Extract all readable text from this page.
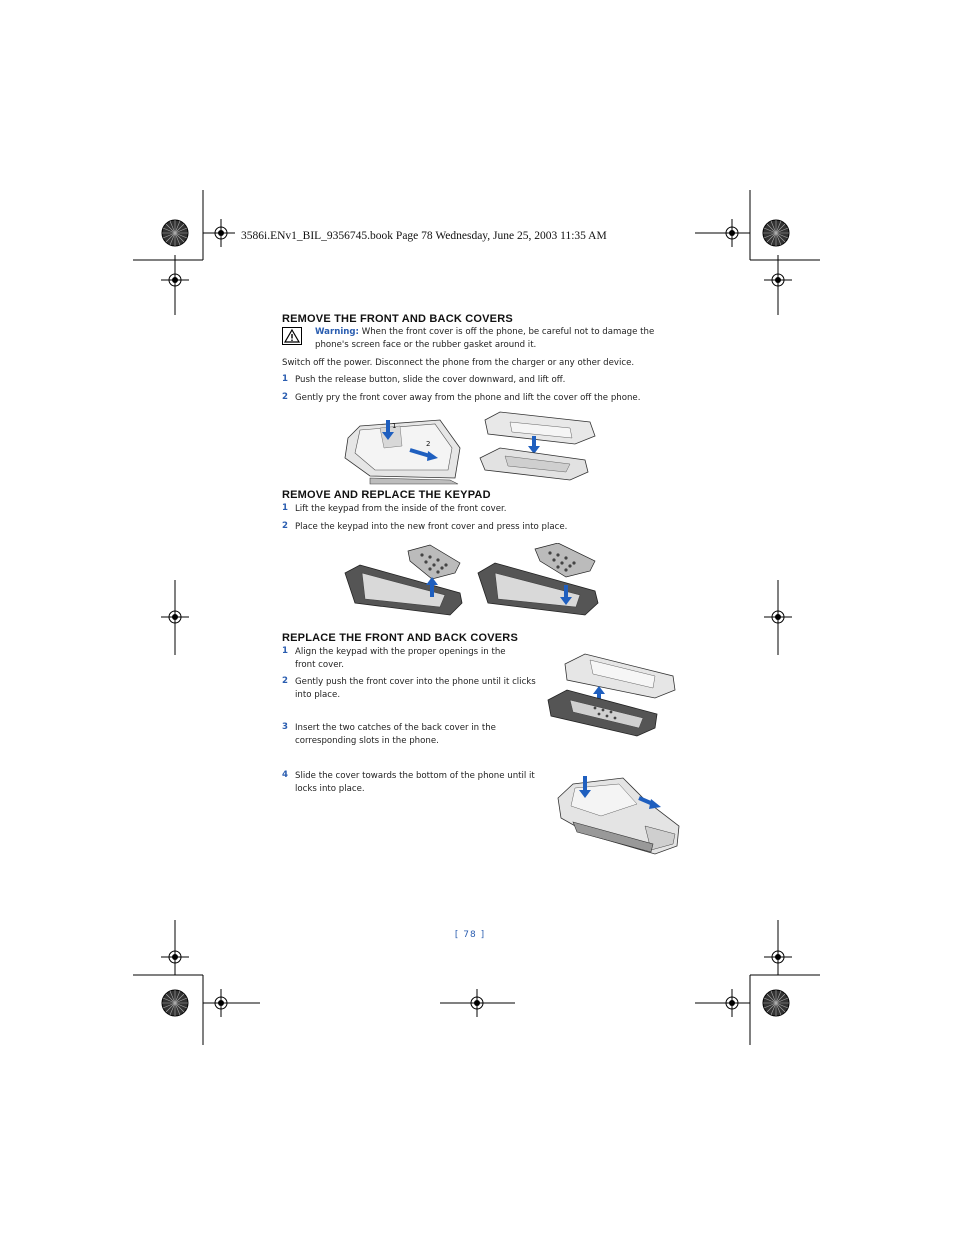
3586i.ENv1_BIL_9356745.book Page 78 Wednesday, June 25, 2003 11:35 AM
REMOVE THE FRONT AND BACK COVERS
Warning: When the front cover is off the phone, be careful not to damage the phone's screen face or the rubber gasket around it.
Switch off the power. Disconnect the phone from the charger or any other device.
1 Push the release button, slide the cover downward, and lift off.
2 Gently pry the front cover away from the phone and lift the cover off the phone.
1
2
REMOVE AND REPLACE THE KEYPAD
1 Lift the keypad from the inside of the front cover.
2 Place the keypad into the new front cover and press into place.
REPLACE THE FRONT AND BACK COVERS
1 Align the keypad with the proper openings in the
front cover.
2 Gently push the front cover into the phone until it clicks
into place.
3 Insert the two catches of the back cover in the
corresponding slots in the phone.
4 Slide the cover towards the bottom of the phone until it
locks into place.
[ 78 ]
